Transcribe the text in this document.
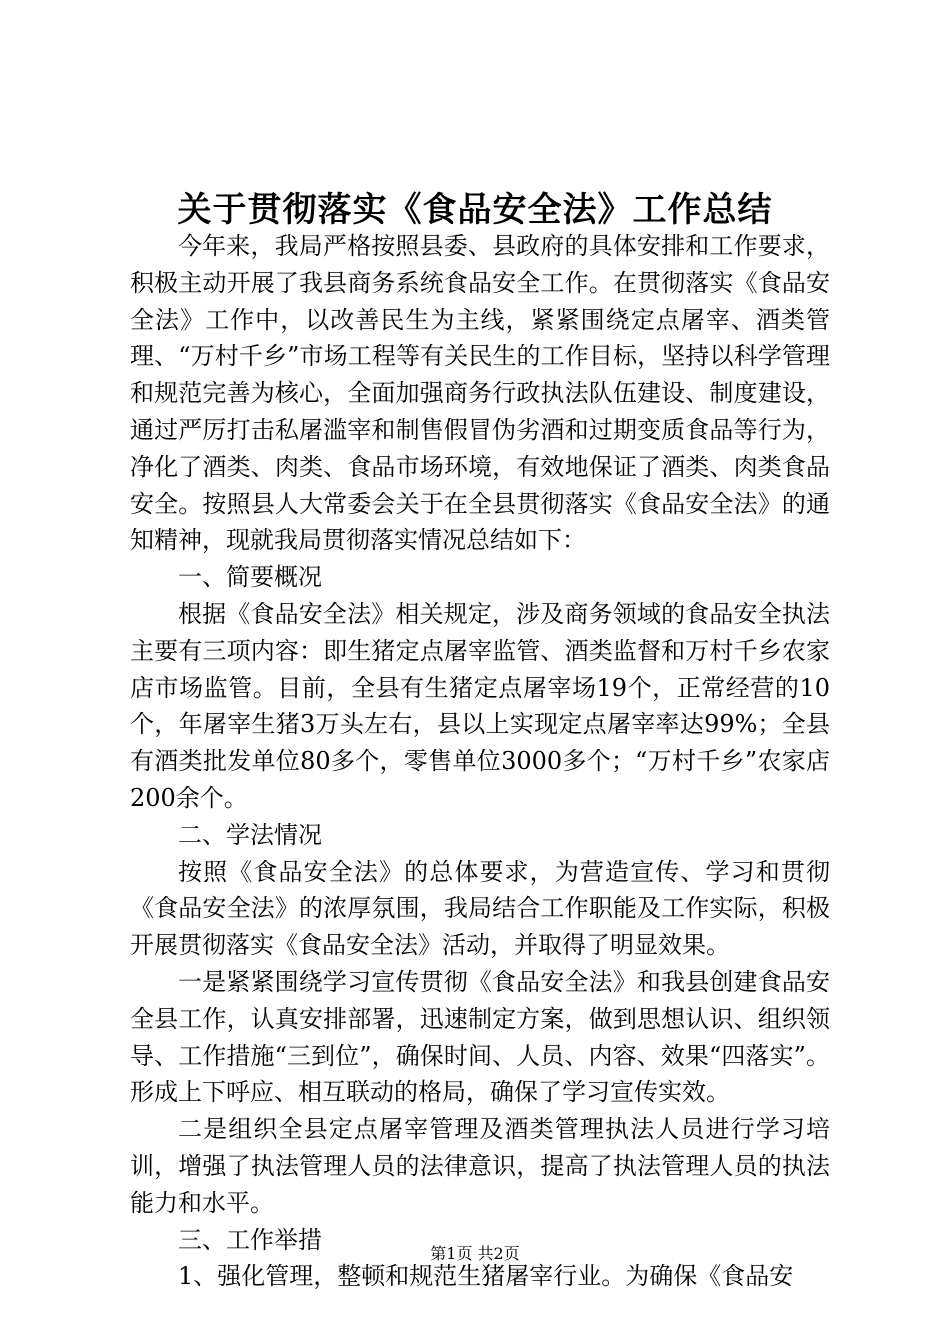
关于贯彻落实《食品安全法》工作总结

今年来，我局严格按照县委、县政府的具体安排和工作要求，积极主动开展了我县商务系统食品安全工作。在贯彻落实《食品安全法》工作中，以改善民生为主线，紧紧围绕定点屠宰、酒类管理、“万村千乡”市场工程等有关民生的工作目标，坚持以科学管理和规范完善为核心，全面加强商务行政执法队伍建设、制度建设，通过严厉打击私屠滥宰和制售假冒伪劣酒和过期变质食品等行为，净化了酒类、肉类、食品市场环境，有效地保证了酒类、肉类食品安全。按照县人大常委会关于在全县贯彻落实《食品安全法》的通知精神，现就我局贯彻落实情况总结如下：

一、简要概况

根据《食品安全法》相关规定，涉及商务领域的食品安全执法主要有三项内容：即生猪定点屠宰监管、酒类监督和万村千乡农家店市场监管。目前，全县有生猪定点屠宰场19个，正常经营的10个，年屠宰生猪3万头左右，县以上实现定点屠宰率达99%；全县有酒类批发单位80多个，零售单位3000多个；“万村千乡”农家店200余个。

二、学法情况

按照《食品安全法》的总体要求，为营造宣传、学习和贯彻《食品安全法》的浓厚氛围，我局结合工作职能及工作实际，积极开展贯彻落实《食品安全法》活动，并取得了明显效果。

一是紧紧围绕学习宣传贯彻《食品安全法》和我县创建食品安全县工作，认真安排部署，迅速制定方案，做到思想认识、组织领导、工作措施“三到位”，确保时间、人员、内容、效果“四落实”。形成上下呼应、相互联动的格局，确保了学习宣传实效。

二是组织全县定点屠宰管理及酒类管理执法人员进行学习培训，增强了执法管理人员的法律意识，提高了执法管理人员的执法能力和水平。

三、工作举措

1、强化管理，整顿和规范生猪屠宰行业。为确保《食品安

第1页 共2页
